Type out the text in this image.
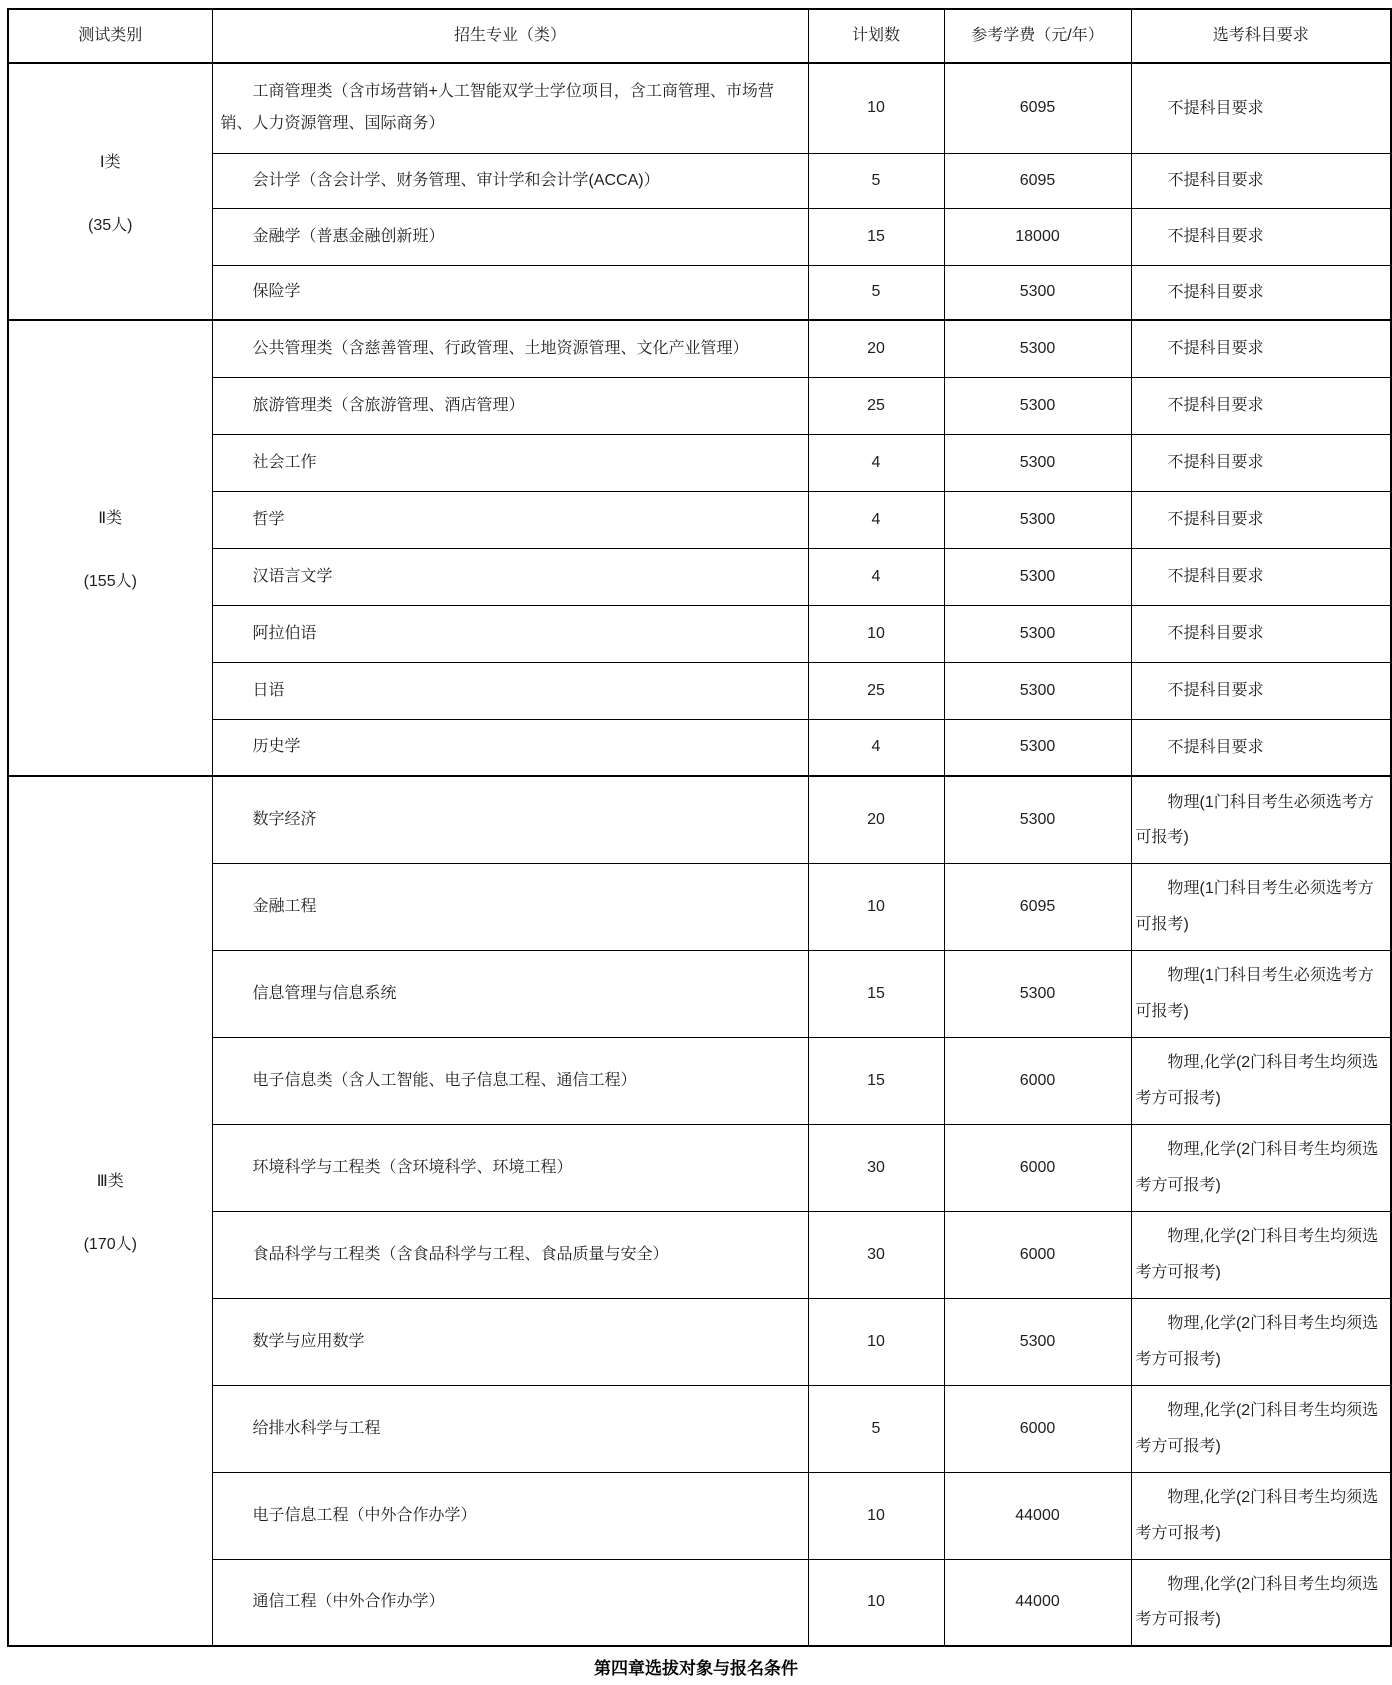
测试类别	招生专业（类）	计划数	参考学费（元/年）	选考科目要求

Ⅰ类
(35人)	工商管理类（含市场营销+人工智能双学士学位项目，含工商管理、市场营销、人力资源管理、国际商务）	10	6095	不提科目要求
	会计学（含会计学、财务管理、审计学和会计学(ACCA)）	5	6095	不提科目要求
	金融学（普惠金融创新班）	15	18000	不提科目要求
	保险学	5	5300	不提科目要求

Ⅱ类
(155人)	公共管理类（含慈善管理、行政管理、土地资源管理、文化产业管理）	20	5300	不提科目要求
	旅游管理类（含旅游管理、酒店管理）	25	5300	不提科目要求
	社会工作	4	5300	不提科目要求
	哲学	4	5300	不提科目要求
	汉语言文学	4	5300	不提科目要求
	阿拉伯语	10	5300	不提科目要求
	日语	25	5300	不提科目要求
	历史学	4	5300	不提科目要求

Ⅲ类
(170人)	数字经济	20	5300	物理(1门科目考生必须选考方可报考)
	金融工程	10	6095	物理(1门科目考生必须选考方可报考)
	信息管理与信息系统	15	5300	物理(1门科目考生必须选考方可报考)
	电子信息类（含人工智能、电子信息工程、通信工程）	15	6000	物理,化学(2门科目考生均须选考方可报考)
	环境科学与工程类（含环境科学、环境工程）	30	6000	物理,化学(2门科目考生均须选考方可报考)
	食品科学与工程类（含食品科学与工程、食品质量与安全）	30	6000	物理,化学(2门科目考生均须选考方可报考)
	数学与应用数学	10	5300	物理,化学(2门科目考生均须选考方可报考)
	给排水科学与工程	5	6000	物理,化学(2门科目考生均须选考方可报考)
	电子信息工程（中外合作办学）	10	44000	物理,化学(2门科目考生均须选考方可报考)
	通信工程（中外合作办学）	10	44000	物理,化学(2门科目考生均须选考方可报考)
第四章选拔对象与报名条件
